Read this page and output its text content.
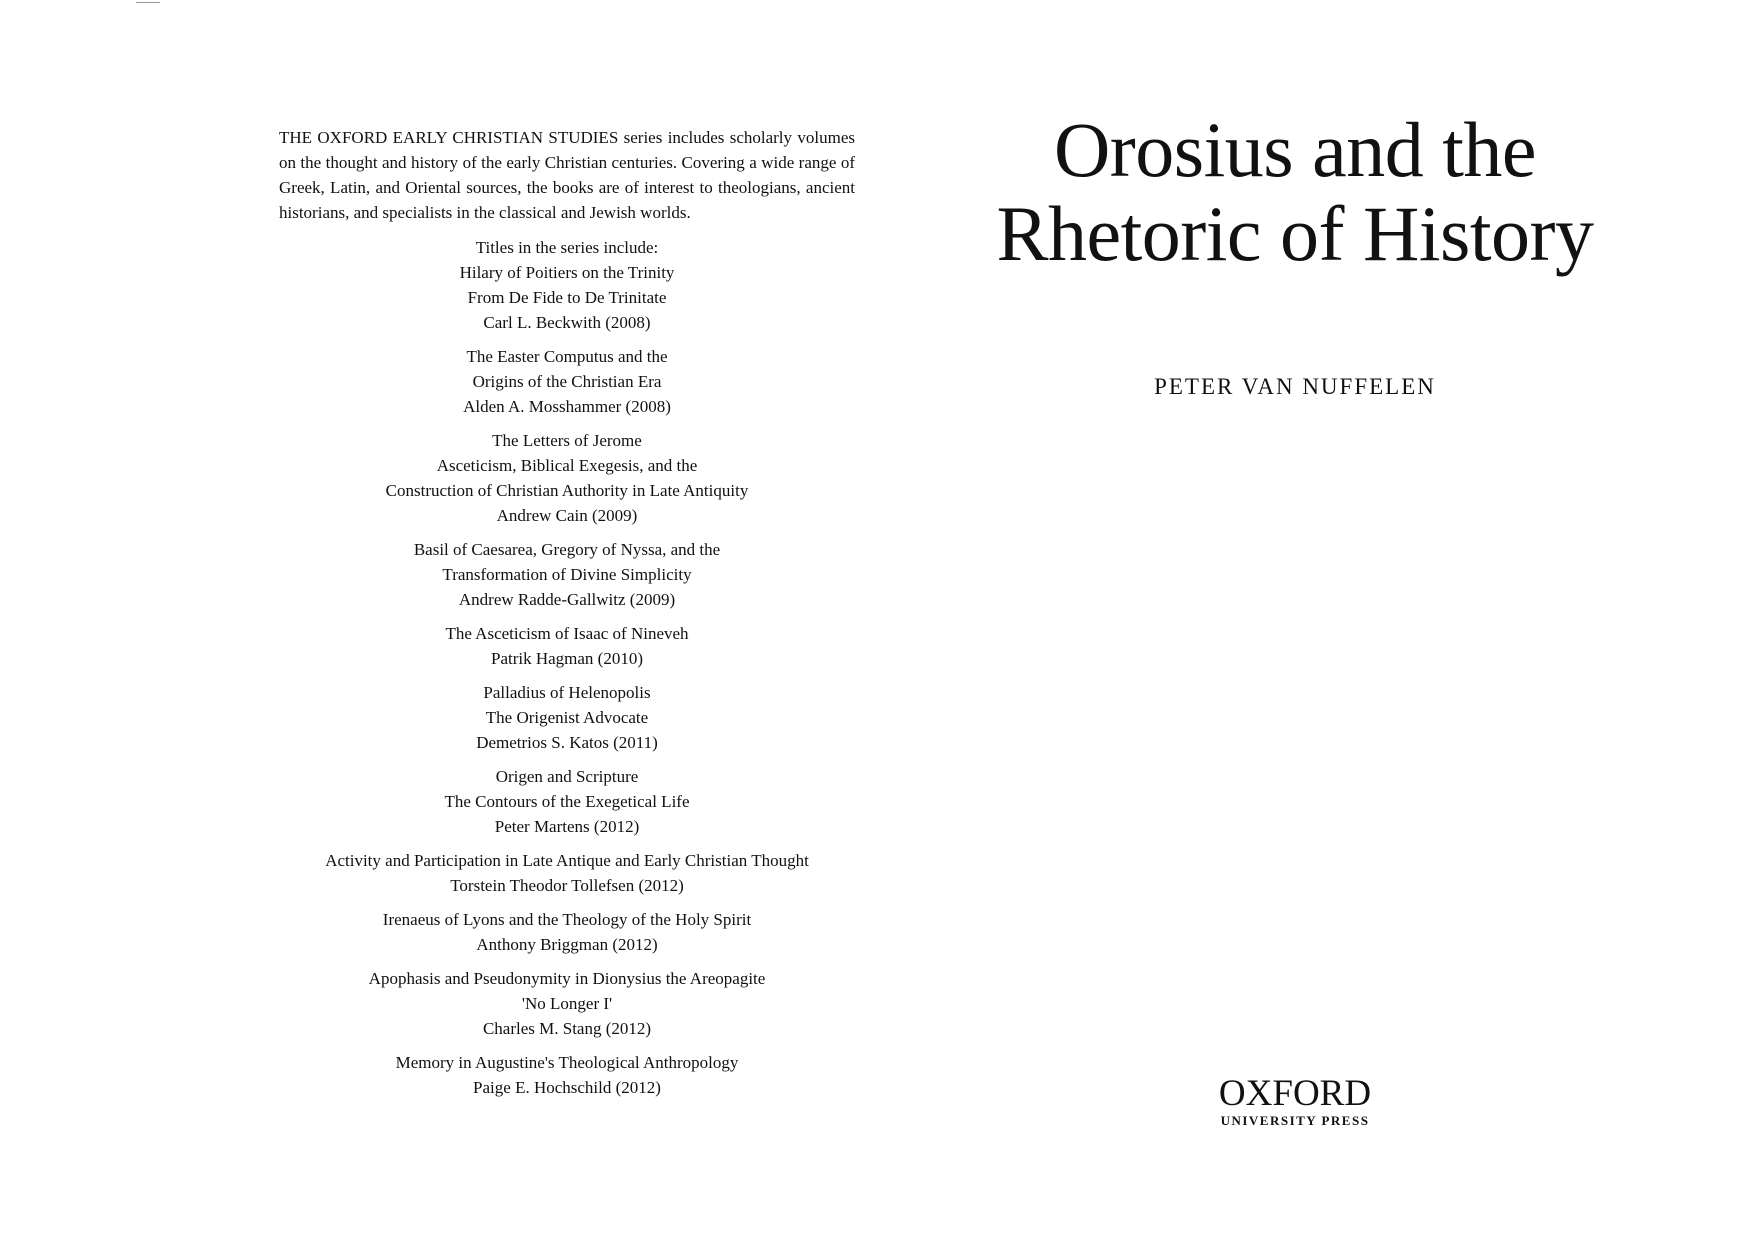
THE OXFORD EARLY CHRISTIAN STUDIES series includes scholarly volumes on the thought and history of the early Christian centuries. Covering a wide range of Greek, Latin, and Oriental sources, the books are of interest to theologians, ancient historians, and specialists in the classical and Jewish worlds.

Titles in the series include:

Hilary of Poitiers on the Trinity
From De Fide to De Trinitate
Carl L. Beckwith (2008)
The Easter Computus and the
Origins of the Christian Era
Alden A. Mosshammer (2008)
The Letters of Jerome
Asceticism, Biblical Exegesis, and the
Construction of Christian Authority in Late Antiquity
Andrew Cain (2009)
Basil of Caesarea, Gregory of Nyssa, and the
Transformation of Divine Simplicity
Andrew Radde-Gallwitz (2009)
The Asceticism of Isaac of Nineveh
Patrik Hagman (2010)
Palladius of Helenopolis
The Origenist Advocate
Demetrios S. Katos (2011)
Origen and Scripture
The Contours of the Exegetical Life
Peter Martens (2012)
Activity and Participation in Late Antique and Early Christian Thought
Torstein Theodor Tollefsen (2012)
Irenaeus of Lyons and the Theology of the Holy Spirit
Anthony Briggman (2012)
Apophasis and Pseudonymity in Dionysius the Areopagite
'No Longer I'
Charles M. Stang (2012)
Memory in Augustine's Theological Anthropology
Paige E. Hochschild (2012)
Orosius and the
Rhetoric of History

PETER VAN NUFFELEN

OXFORD
UNIVERSITY PRESS
